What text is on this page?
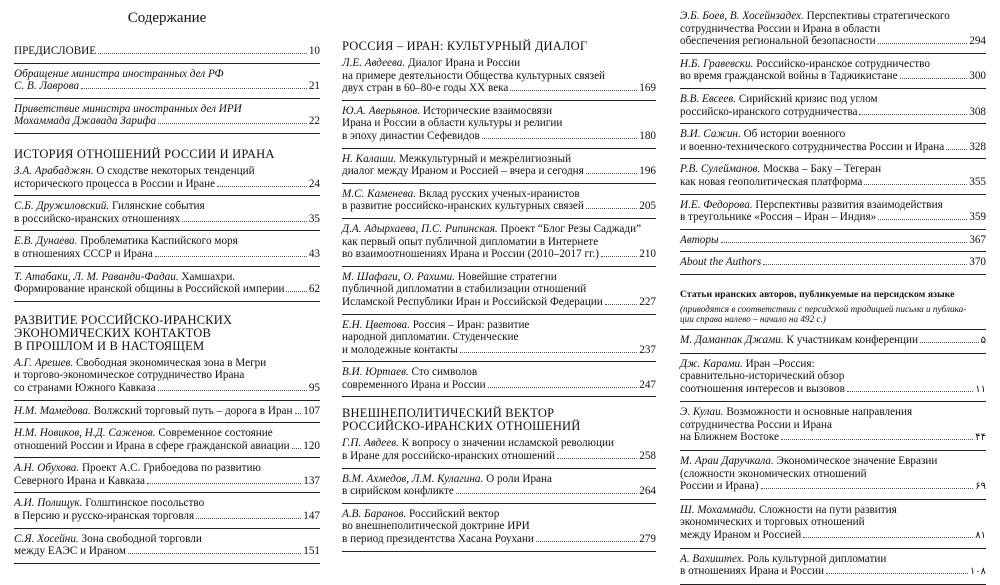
Содержание
ПРЕДИСЛОВИЕ	10
Обращение министра иностранных дел РФ
С. В. Лаврова	21
Приветствие министра иностранных дел ИРИ
Мохаммада Джавада Зарифа	22
ИСТОРИЯ ОТНОШЕНИЙ РОССИИ И ИРАНА
З.А. Арабаджян. О сходстве некоторых тенденций
исторического процесса в России и Иране	24
С.Б. Дружиловский. Гилянские события
в российско-иранских отношениях	35
Е.В. Дунаева. Проблематика Каспийского моря
в отношениях СССР и Ирана	43
Т. Атабаки, Л. М. Раванди-Фадаи. Хамшахри.
Формирование иранской общины в Российской империи 62
РАЗВИТИЕ РОССИЙСКО-ИРАНСКИХ
ЭКОНОМИЧЕСКИХ КОНТАКТОВ
В ПРОШЛОМ И В НАСТОЯЩЕМ
А.Г. Арешев. Свободная экономическая зона в Мегри
и торгово-экономическое сотрудничество Ирана
со странами Южного Кавказа	95
Н.М. Мамедова. Волжский торговый путь – дорога в Иран 107
Н.М. Новиков, Н.Д. Саженов. Современное состояние
отношений России и Ирана в сфере гражданской авиации 120
А.Н. Обухова. Проект А.С. Грибоедова по развитию
Северного Ирана и Кавказа	137
А.И. Полищук. Голштинское посольство
в Персию и русско-иранская торговля	147
С.Я. Хосейни. Зона свободной торговли
между ЕАЭС и Ираном	151
РОССИЯ – ИРАН: КУЛЬТУРНЫЙ ДИАЛОГ
Л.Е. Авдеева. Диалог Ирана и России
на примере деятельности Общества культурных связей
двух стран в 60–80-е годы ХХ века	169
Ю.А. Аверьянов. Исторические взаимосвязи
Ирана и России в области культуры и религии
в эпоху династии Сефевидов	180
Н. Калаши. Межкультурный и межрелигиозный
диалог между Ираном и Россией – вчера и сегодня	196
М.С. Каменева. Вклад русских ученых-иранистов
в развитие российско-иранских культурных связей	205
Д.А. Адырхаева, П.С. Рипинская. Проект “Блог Резы Саджади”
как первый опыт публичной дипломатии в Интернете
во взаимоотношениях Ирана и России (2010–2017 гг.)	210
М. Шафаги, О. Рахими. Новейшие стратегии
публичной дипломатии в стабилизации отношений
Исламской Республики Иран и Российской Федерации	227
Е.Н. Цветова. Россия – Иран: развитие
народной дипломатии. Студенческие
и молодежные контакты	237
В.И. Юртаев. Сто символов
современного Ирана и России	247
ВНЕШНЕПОЛИТИЧЕСКИЙ ВЕКТОР
РОССИЙСКО-ИРАНСКИХ ОТНОШЕНИЙ
Г.П. Авдеев. К вопросу о значении исламской революции
в Иране для российско-иранских отношений	258
В.М. Ахмедов, Л.М. Кулагина. О роли Ирана
в сирийском конфликте	264
А.В. Баранов. Российский вектор
во внешнеполитической доктрине ИРИ
в период президентства Хасана Роухани	279
Э.Б. Боев, В. Хосейнзадех. Перспективы стратегического
сотрудничества России и Ирана в области
обеспечения региональной безопасности	294
Н.Б. Гравевски. Российско-иранское сотрудничество
во время гражданской войны в Таджикистане	300
В.В. Евсеев. Сирийский кризис под углом
российско-иранского сотрудничества	308
В.И. Сажин. Об истории военного
и военно-технического сотрудничества России и Ирана 328
Р.В. Сулейманов. Москва – Баку – Тегеран
как новая геополитическая платформа	355
И.Е. Федорова. Перспективы развития взаимодействия
в треугольнике «Россия – Иран – Индия»	359
Авторы	367
About the Authors	370
Статьи иранских авторов, публикуемые на персидском языке
(приводятся в соответствии с персидской традицией письма и публика-
ции справа налево – начало на 492 с.)
М. Даманпак Джами. К участникам конференции	۵
Дж. Карами. Иран –Россия:
сравнительно-исторический обзор
соотношения интересов и вызовов	۱۱
Э. Кулаи. Возможности и основные направления
сотрудничества России и Ирана
на Ближнем Востоке	۴۴
М. Араи Даручкала. Экономическое значение Евразии
(сложности экономических отношений
России и Ирана)	۶۹
Ш. Мохаммади. Сложности на пути развития
экономических и торговых отношений
между Ираном и Россией	۸۱
А. Вахиштех. Роль культурной дипломатии
в отношениях Ирана и России	۱۰۸
